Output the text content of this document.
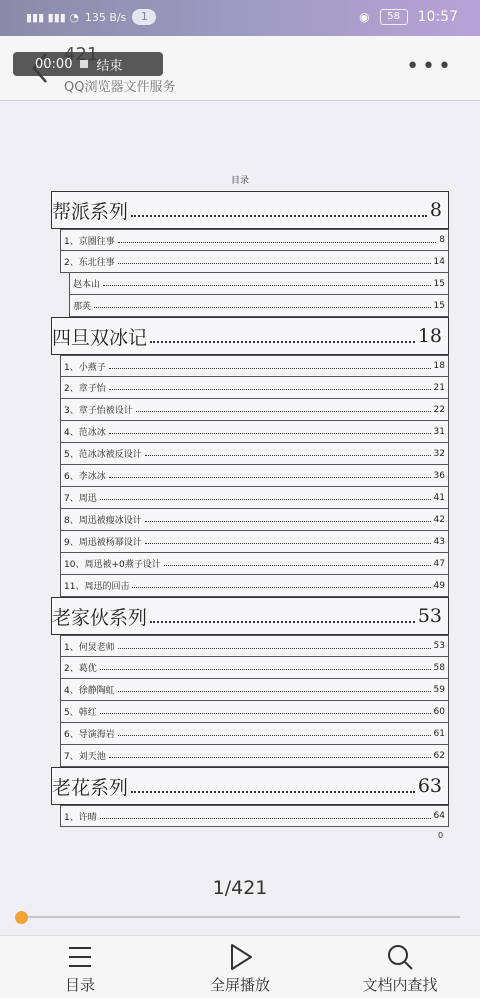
▮▮▮ ▮▮▮ ◔ 135 B/s	1	◉	58	10:57
QQ浏览器文件服务
•••
00:00 结束
目录
帮派系列	8
1、京圈往事	8
2、东北往事	14
赵本山	15
那英	15
四旦双冰记	18
1、小燕子	18
2、章子怡	21
3、章子怡被设计	22
4、范冰冰	31
5、范冰冰被反设计	32
6、李冰冰	36
7、周迅	41
8、周迅被瘦冰设计	42
9、周迅被杨幂设计	43
10、周迅被+0燕子设计	47
11、周迅的回击	49
老家伙系列	53
1、何炅老师	53
2、葛优	58
4、徐静陶虹	59
5、韩红	60
6、导演海岩	61
7、刘天池	62
老花系列	63
1、许晴	64
0
1/421
目录	全屏播放	文档内查找
